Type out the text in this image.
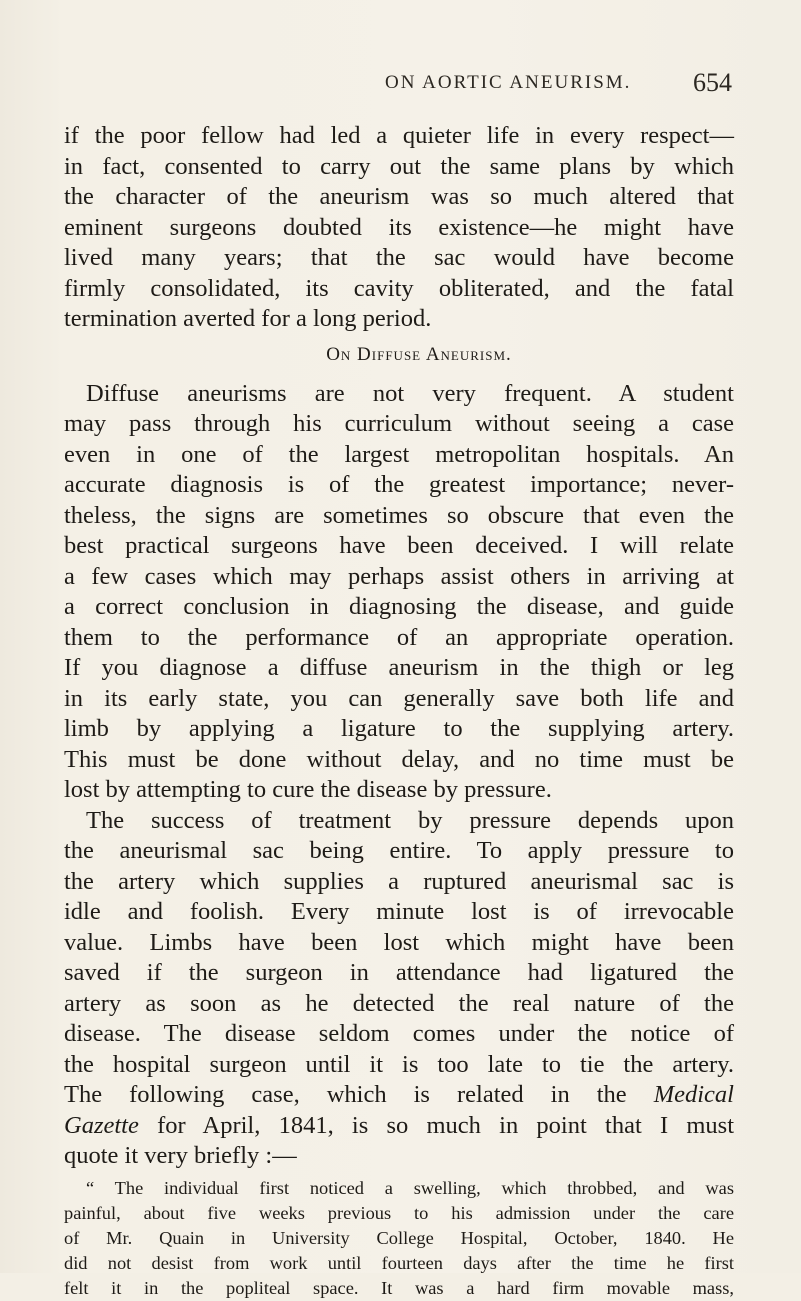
ON AORTIC ANEURISM. 654
if the poor fellow had led a quieter life in every respect—
in fact, consented to carry out the same plans by which
the character of the aneurism was so much altered that
eminent surgeons doubted its existence—he might have
lived many years; that the sac would have become
firmly consolidated, its cavity obliterated, and the fatal
termination averted for a long period.
On Diffuse Aneurism.
Diffuse aneurisms are not very frequent. A student
may pass through his curriculum without seeing a case
even in one of the largest metropolitan hospitals. An
accurate diagnosis is of the greatest importance; never-
theless, the signs are sometimes so obscure that even the
best practical surgeons have been deceived. I will relate
a few cases which may perhaps assist others in arriving at
a correct conclusion in diagnosing the disease, and guide
them to the performance of an appropriate operation.
If you diagnose a diffuse aneurism in the thigh or leg
in its early state, you can generally save both life and
limb by applying a ligature to the supplying artery.
This must be done without delay, and no time must be
lost by attempting to cure the disease by pressure.
The success of treatment by pressure depends upon
the aneurismal sac being entire. To apply pressure to
the artery which supplies a ruptured aneurismal sac is
idle and foolish. Every minute lost is of irrevocable
value. Limbs have been lost which might have been
saved if the surgeon in attendance had ligatured the
artery as soon as he detected the real nature of the
disease. The disease seldom comes under the notice of
the hospital surgeon until it is too late to tie the artery.
The following case, which is related in the Medical
Gazette for April, 1841, is so much in point that I must
quote it very briefly :—
“ The individual first noticed a swelling, which throbbed, and was
painful, about five weeks previous to his admission under the care
of Mr. Quain in University College Hospital, October, 1840. He
did not desist from work until fourteen days after the time he first
felt it in the popliteal space. It was a hard firm movable mass,
